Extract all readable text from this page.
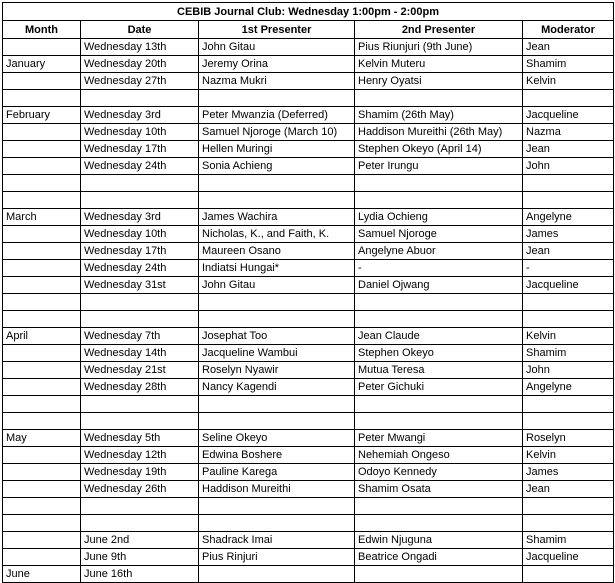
CEBIB Journal Club: Wednesday 1:00pm - 2:00pm				
Month	Date	1st Presenter	2nd Presenter	Moderator
	Wednesday 13th	John Gitau	Pius Riunjuri (9th June)	Jean
January	Wednesday 20th	Jeremy Orina	Kelvin Muteru	Shamim
	Wednesday 27th	Nazma Mukri	Henry Oyatsi	Kelvin

February	Wednesday 3rd	Peter Mwanzia (Deferred)	Shamim (26th May)	Jacqueline
	Wednesday 10th	Samuel Njoroge (March 10)	Haddison Mureithi (26th May)	Nazma
	Wednesday 17th	Hellen Muringi	Stephen Okeyo (April 14)	Jean
	Wednesday 24th	Sonia Achieng	Peter Irungu	John

March	Wednesday 3rd	James Wachira	Lydia Ochieng	Angelyne
	Wednesday 10th	Nicholas, K., and Faith, K.	Samuel Njoroge	James
	Wednesday 17th	Maureen Osano	Angelyne Abuor	Jean
	Wednesday 24th	Indiatsi Hungai*	-	-
	Wednesday 31st	John Gitau	Daniel Ojwang	Jacqueline

April	Wednesday 7th	Josephat Too	Jean Claude	Kelvin
	Wednesday 14th	Jacqueline Wambui	Stephen Okeyo	Shamim
	Wednesday 21st	Roselyn Nyawir	Mutua Teresa	John
	Wednesday 28th	Nancy Kagendi	Peter Gichuki	Angelyne

May	Wednesday 5th	Seline Okeyo	Peter Mwangi	Roselyn
	Wednesday 12th	Edwina Boshere	Nehemiah Ongeso	Kelvin
	Wednesday 19th	Pauline Karega	Odoyo Kennedy	James
	Wednesday 26th	Haddison Mureithi	Shamim Osata	Jean

	June 2nd	Shadrack Imai	Edwin Njuguna	Shamim
	June 9th	Pius Rinjuri	Beatrice Ongadi	Jacqueline
June	June 16th			
